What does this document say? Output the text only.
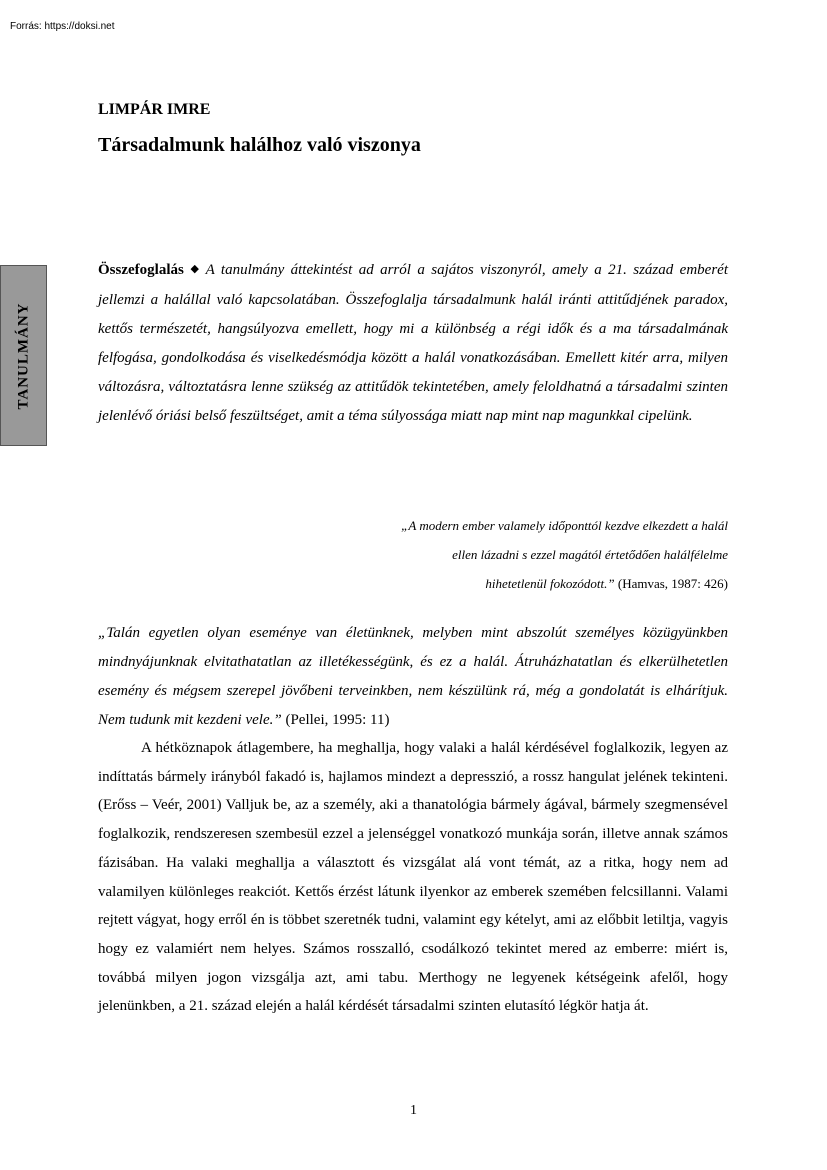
Forrás: https://doksi.net
TANULMÁNY
LIMPÁR IMRE
Társadalmunk halálhoz való viszonya

Összefoglalás ◆ A tanulmány áttekintést ad arról a sajátos viszonyról, amely a 21. század emberét jellemzi a halállal való kapcsolatában. Összefoglalja társadalmunk halál iránti attitűdjének paradox, kettős természetét, hangsúlyozva emellett, hogy mi a különbség a régi idők és a ma társadalmának felfogása, gondolkodása és viselkedésmódja között a halál vonatkozásában. Emellett kitér arra, milyen változásra, változtatásra lenne szükség az attitűdök tekintetében, amely feloldhatná a társadalmi szinten jelenlévő óriási belső feszültséget, amit a téma súlyossága miatt nap mint nap magunkkal cipelünk.

„A modern ember valamely időponttól kezdve elkezdett a halál
ellen lázadni s ezzel magától értetődően halálfélelme
hihetetlenül fokozódott.” (Hamvas, 1987: 426)

„Talán egyetlen olyan eseménye van életünknek, melyben mint abszolút személyes közügyünkben mindnyájunknak elvitathatatlan az illetékességünk, és ez a halál. Átruházhatatlan és elkerülhetetlen esemény és mégsem szerepel jövőbeni terveinkben, nem készülünk rá, még a gondolatát is elhárítjuk. Nem tudunk mit kezdeni vele.” (Pellei, 1995: 11)

A hétköznapok átlagembere, ha meghallja, hogy valaki a halál kérdésével foglalkozik, legyen az indíttatás bármely irányból fakadó is, hajlamos mindezt a depresszió, a rossz hangulat jelének tekinteni. (Erőss – Veér, 2001) Valljuk be, az a személy, aki a thanatológia bármely ágával, bármely szegmensével foglalkozik, rendszeresen szembesül ezzel a jelenséggel vonatkozó munkája során, illetve annak számos fázisában. Ha valaki meghallja a választott és vizsgálat alá vont témát, az a ritka, hogy nem ad valamilyen különleges reakciót. Kettős érzést látunk ilyenkor az emberek szemében felcsillanni. Valami rejtett vágyat, hogy erről én is többet szeretnék tudni, valamint egy kételyt, ami az előbbit letiltja, vagyis hogy ez valamiért nem helyes. Számos rosszalló, csodálkozó tekintet mered az emberre: miért is, továbbá milyen jogon vizsgálja azt, ami tabu. Merthogy ne legyenek kétségeink afelől, hogy jelenünkben, a 21. század elején a halál kérdését társadalmi szinten elutasító légkör hatja át.

1
